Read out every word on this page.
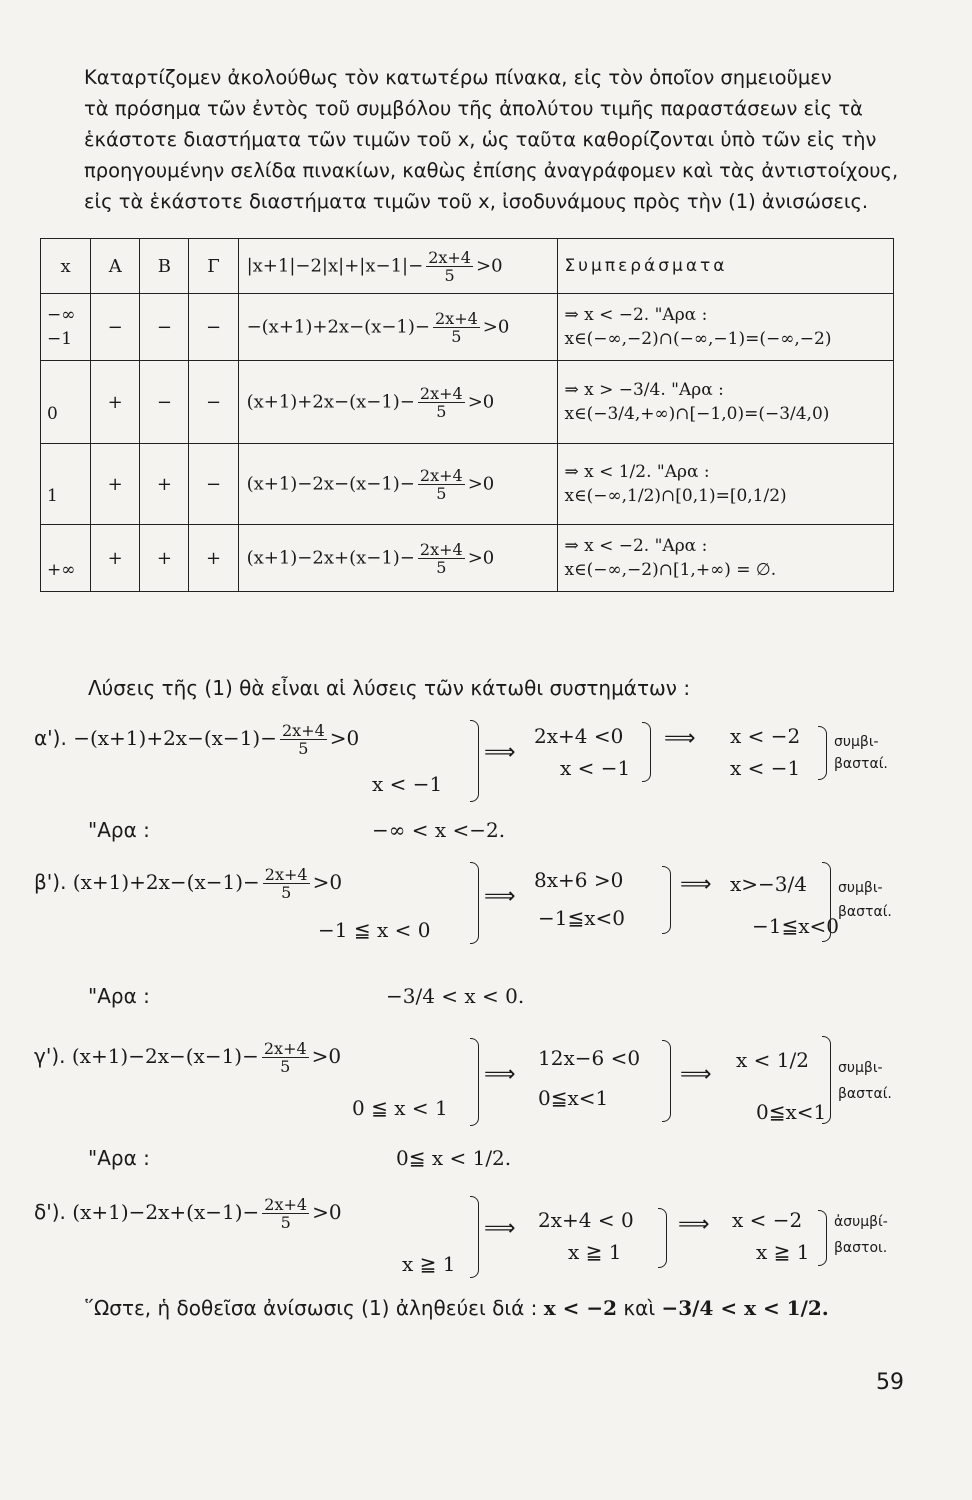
Καταρτίζομεν ἀκολούθως τὸν κατωτέρω πίνακα, εἰς τὸν ὁποῖον σημειοῦμεν

τὰ πρόσημα τῶν ἐντὸς τοῦ συμβόλου τῆς ἀπολύτου τιμῆς παραστάσεων εἰς τὰ

ἑκάστοτε διαστήματα τῶν τιμῶν τοῦ x, ὡς ταῦτα καθορίζονται ὑπὸ τῶν εἰς τὴν

προηγουμένην σελίδα πινακίων, καθὼς ἐπίσης ἀναγράφομεν καὶ τὰς ἀντιστοίχους,

εἰς τὰ ἑκάστοτε διαστήματα τιμῶν τοῦ x, ἰσοδυνάμους πρὸς τὴν (1) ἀνισώσεις.

x	A	B	Γ	$|x+1|-2|x|+|x-1|- \frac{2x+4}{5} >0$	Συμπεράσματα

−∞
−1	−	−	−	$-(x+1)+2x-(x-1)- \frac{2x+4}{5} >0$	⇒ x < −2. "Αρα :
x∈(−∞,−2)∩(−∞,−1)=(−∞,−2)

0	+	−	−	$(x+1)+2x-(x-1)- \frac{2x+4}{5} >0$	⇒ x > −3/4. "Αρα :
x∈(−3/4,+∞)∩[−1,0)=(−3/4,0)

1	+	+	−	$(x+1)-2x-(x-1)- \frac{2x+4}{5} >0$	⇒ x < 1/2. "Αρα :
x∈(−∞,1/2)∩[0,1)=[0,1/2)

+∞	+	+	+	$(x+1)-2x+(x-1)- \frac{2x+4}{5} >0$	⇒ x < −2. "Αρα :
x∈(−∞,−2)∩[1,+∞) = ∅.
Λύσεις τῆς (1) θὰ εἶναι αἱ λύσεις τῶν κάτωθι συστημάτων :
α'). $-(x+1)+2x-(x-1)- \frac{2x+4}{5} >0$
x < −1
⟹
2x+4 <0
x < −1
⟹ x < −2
x < −1
συμβι-
βασταί.
"Αρα :	−∞ < x <−2.
β'). $(x+1)+2x-(x-1)- \frac{2x+4}{5} >0$
−1 ≦ x < 0
⟹
8x+6 >0
−1≦x<0
⟹ x>−3/4
−1≦x<0
συμβι-
βασταί.
"Αρα :	−3/4 < x < 0.
γ'). $(x+1)-2x-(x-1)- \frac{2x+4}{5} >0$
0 ≦ x < 1
⟹
12x−6 <0
0≦x<1
⟹
x < 1/2
0≦x<1
συμβι-
βασταί.
"Αρα :	0≦ x < 1/2.
δ'). $(x+1)-2x+(x-1)- \frac{2x+4}{5} >0$
x ≧ 1
⟹ 2x+4 < 0
x ≧ 1
⟹ x < −2
x ≧ 1
ἀσυμβί-
βαστοι.
῞Ωστε, ἡ δοθεῖσα ἀνίσωσις (1) ἀληθεύει διά : x < −2 καὶ −3/4 < x < 1/2.
59
